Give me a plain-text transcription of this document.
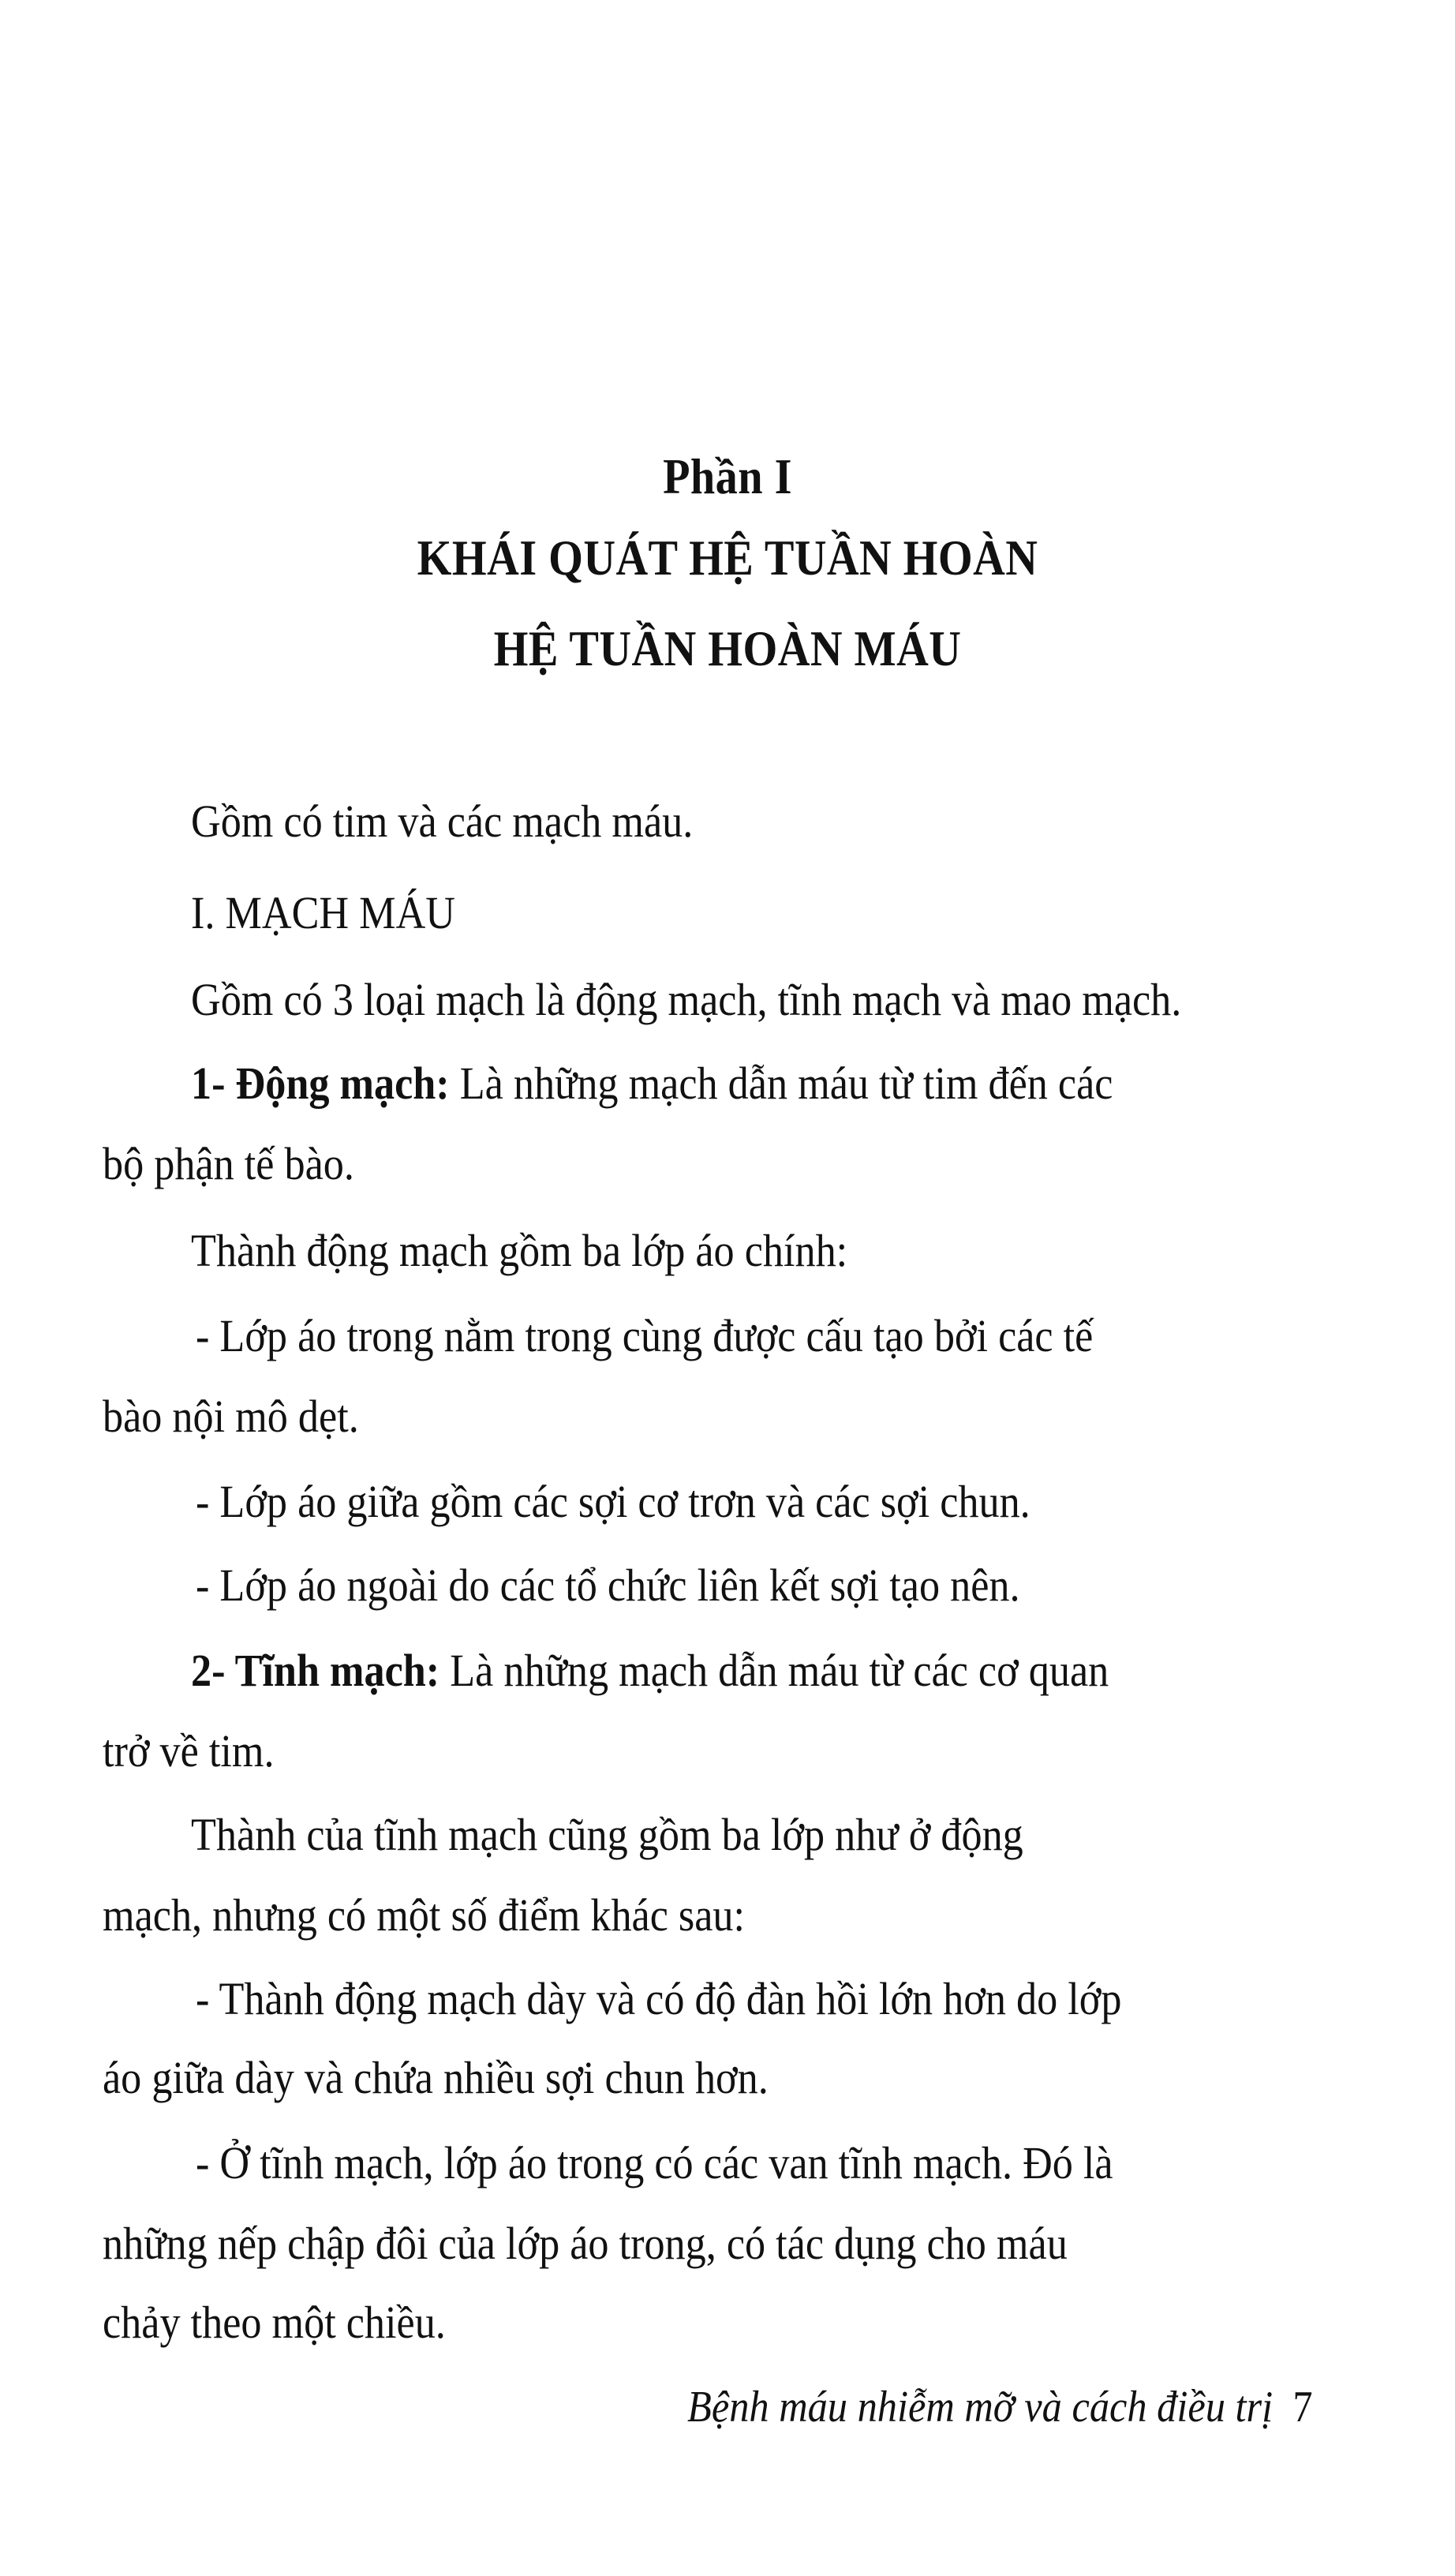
Phần I
KHÁI QUÁT HỆ TUẦN HOÀN
HỆ TUẦN HOÀN MÁU
Gồm có tim và các mạch máu.
I. MẠCH MÁU
Gồm có 3 loại mạch là động mạch, tĩnh mạch và mao mạch.
1- Động mạch: Là những mạch dẫn máu từ tim đến các
bộ phận tế bào.
Thành động mạch gồm ba lớp áo chính:
- Lớp áo trong nằm trong cùng được cấu tạo bởi các tế
bào nội mô dẹt.
- Lớp áo giữa gồm các sợi cơ trơn và các sợi chun.
- Lớp áo ngoài do các tổ chức liên kết sợi tạo nên.
2- Tĩnh mạch: Là những mạch dẫn máu từ các cơ quan
trở về tim.
Thành của tĩnh mạch cũng gồm ba lớp như ở động
mạch, nhưng có một số điểm khác sau:
- Thành động mạch dày và có độ đàn hồi lớn hơn do lớp
áo giữa dày và chứa nhiều sợi chun hơn.
- Ở tĩnh mạch, lớp áo trong có các van tĩnh mạch. Đó là
những nếp chập đôi của lớp áo trong, có tác dụng cho máu
chảy theo một chiều.
Bệnh máu nhiễm mỡ và cách điều trị 7
